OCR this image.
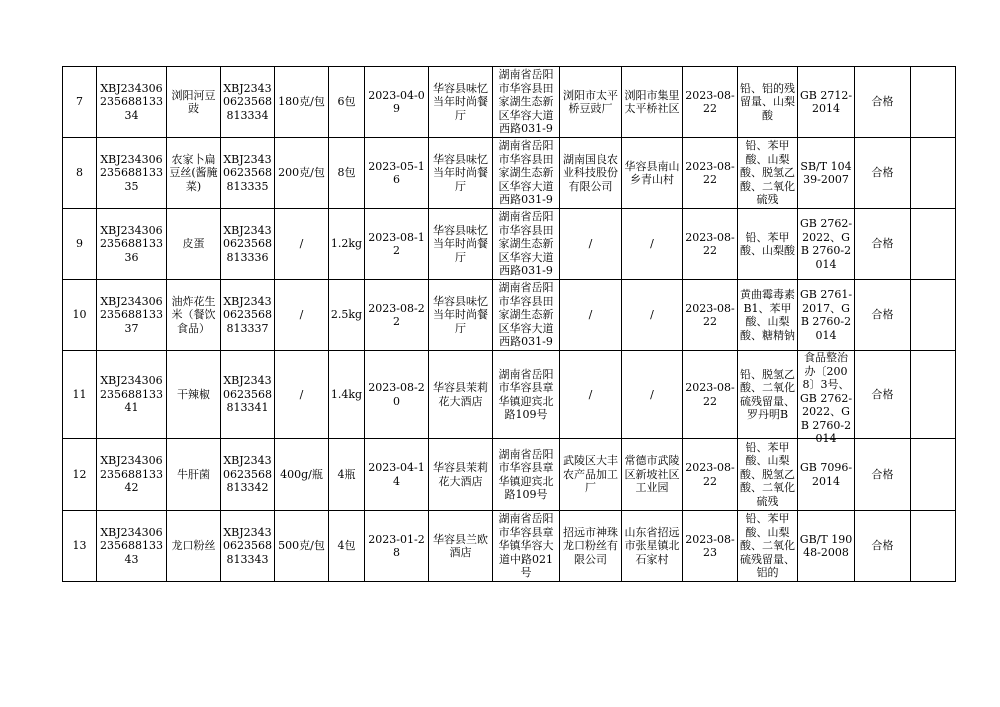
7	XBJ23430623568813334	浏阳河豆豉	XBJ23430623568813334	180克/包	6包	2023-04-09	华容县味忆当年时尚餐厅	湖南省岳阳市华容县田家湖生态新区华容大道西路031-9	浏阳市太平桥豆豉厂	浏阳市集里太平桥社区	2023-08-22	铅、铝的残留量、山梨酸	GB 2712-2014	合格	

8	XBJ23430623568813335	农家卜扁豆丝(酱腌菜)	XBJ23430623568813335	200克/包	8包	2023-05-16	华容县味忆当年时尚餐厅	湖南省岳阳市华容县田家湖生态新区华容大道西路031-9	湖南国良农业科技股份有限公司	华容县南山乡青山村	2023-08-22	铅、苯甲酸、山梨酸、脱氢乙酸、二氧化硫残	SB/T 10439-2007	合格	

9	XBJ23430623568813336	皮蛋	XBJ23430623568813336	/	1.2kg	2023-08-12	华容县味忆当年时尚餐厅	湖南省岳阳市华容县田家湖生态新区华容大道西路031-9	/	/	2023-08-22	铅、苯甲酸、山梨酸	GB 2762-2022、GB 2760-2014	合格	

10	XBJ23430623568813337	油炸花生米（餐饮食品）	XBJ23430623568813337	/	2.5kg	2023-08-22	华容县味忆当年时尚餐厅	湖南省岳阳市华容县田家湖生态新区华容大道西路031-9	/	/	2023-08-22	黄曲霉毒素B1、苯甲酸、山梨酸、糖精钠	GB 2761-2017、GB 2760-2014	合格	

11	XBJ23430623568813341	干辣椒	XBJ23430623568813341	/	1.4kg	2023-08-20	华容县茉莉花大酒店	湖南省岳阳市华容县章华镇迎宾北路109号	/	/	2023-08-22	铅、脱氢乙酸、二氧化硫残留量、罗丹明B	食品整治办〔2008〕3号、GB 2762-2022、GB 2760-2014	合格	

12	XBJ23430623568813342	牛肝菌	XBJ23430623568813342	400g/瓶	4瓶	2023-04-14	华容县茉莉花大酒店	湖南省岳阳市华容县章华镇迎宾北路109号	武陵区大丰农产品加工厂	常德市武陵区新坡社区工业园	2023-08-22	铅、苯甲酸、山梨酸、脱氢乙酸、二氧化硫残	GB 7096-2014	合格	

13	XBJ23430623568813343	龙口粉丝	XBJ23430623568813343	500克/包	4包	2023-01-28	华容县兰欧酒店	湖南省岳阳市华容县章华镇华容大道中路021号	招远市神珠龙口粉丝有限公司	山东省招远市张星镇北石家村	2023-08-23	铅、苯甲酸、山梨酸、二氧化硫残留量、铝的	GB/T 19048-2008	合格	
